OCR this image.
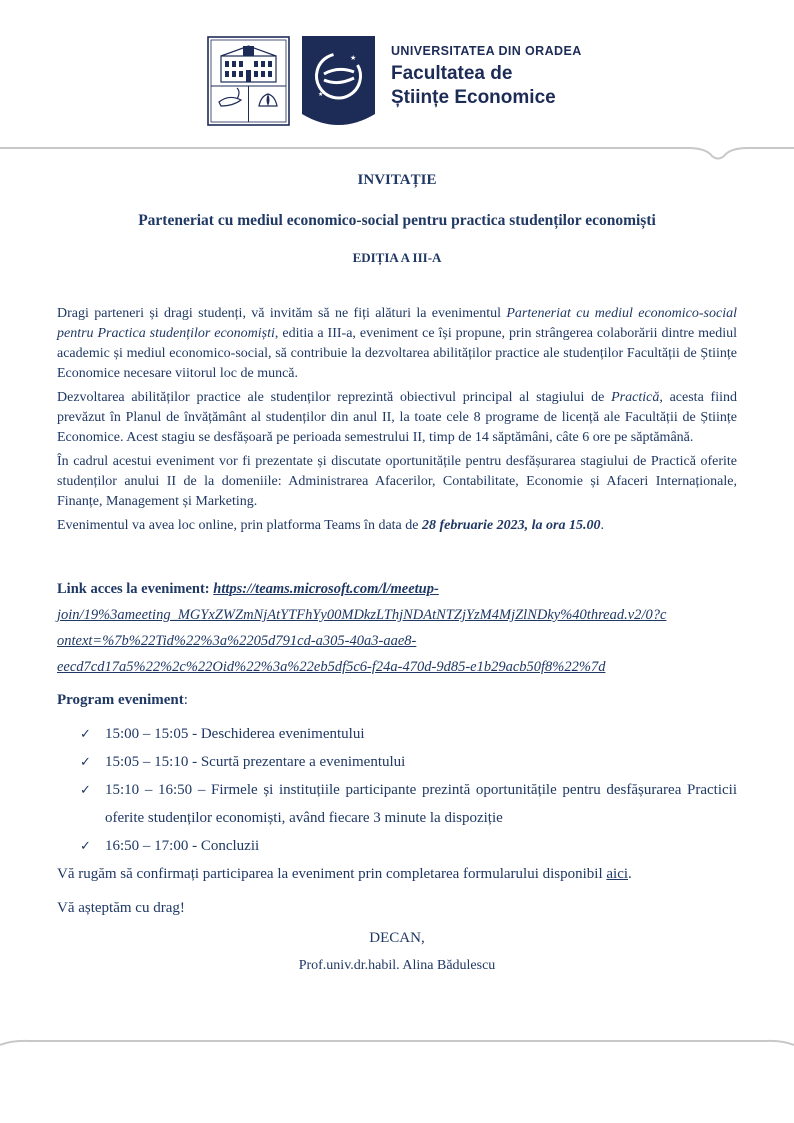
★
★
UNIVERSITATEA DIN ORADEA
Facultatea de
Științe Economice
INVITAȚIE
Parteneriat cu mediul economico-social pentru practica studenților economiști
EDIȚIA A III-A

Dragi parteneri și dragi studenți, vă invităm să ne fiți alături la evenimentul Parteneriat cu mediul economico-social pentru Practica studenților economiști, editia a III-a, eveniment ce își propune, prin strângerea colaborării dintre mediul academic și mediul economico-social, să contribuie la dezvoltarea abilităților practice ale studenților Facultății de Științe Economice necesare viitorul loc de muncă.

Dezvoltarea abilităților practice ale studenților reprezintă obiectivul principal al stagiului de Practică, acesta fiind prevăzut în Planul de învățământ al studenților din anul II, la toate cele 8 programe de licență ale Facultății de Științe Economice. Acest stagiu se desfășoară pe perioada semestrului II, timp de 14 săptămâni, câte 6 ore pe săptămână.

În cadrul acestui eveniment vor fi prezentate și discutate oportunitățile pentru desfășurarea stagiului de Practică oferite studenților anului II de la domeniile: Administrarea Afacerilor, Contabilitate, Economie și Afaceri Internaționale, Finanțe, Management și Marketing.

Evenimentul va avea loc online, prin platforma Teams în data de 28 februarie 2023, la ora 15.00.

Link acces la eveniment: https://teams.microsoft.com/l/meetup-
join/19%3ameeting_MGYxZWZmNjAtYTFhYy00MDkzLThjNDAtNTZjYzM4MjZlNDky%40thread.v2/0?c
ontext=%7b%22Tid%22%3a%2205d791cd-a305-40a3-aae8-
eecd7cd17a5%22%2c%22Oid%22%3a%22eb5df5c6-f24a-470d-9d85-e1b29acb50f8%22%7d
Program eveniment:
✓ 15:00 – 15:05 - Deschiderea evenimentului
✓ 15:05 – 15:10 - Scurtă prezentare a evenimentului
✓ 15:10 – 16:50 – Firmele și instituțiile participante prezintă oportunitățile pentru desfășurarea Practicii oferite studenților economiști, având fiecare 3 minute la dispoziție
✓ 16:50 – 17:00 - Concluzii
Vă rugăm să confirmați participarea la eveniment prin completarea formularului disponibil aici.
Vă așteptăm cu drag!
DECAN,
Prof.univ.dr.habil. Alina Bădulescu
